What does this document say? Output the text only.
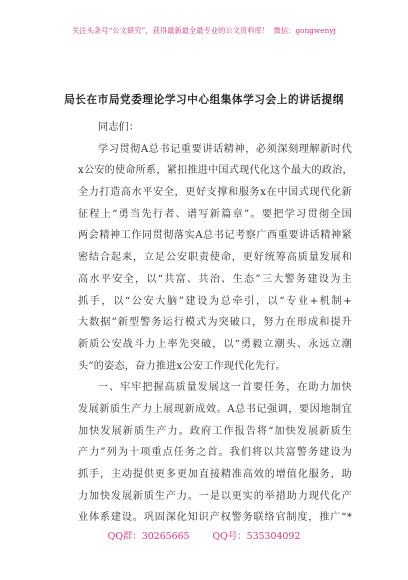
关注头条号“公文研究”，获得最新最全最专业的公文资料库！ 微信：gongwenyj
局长在市局党委理论学习中心组集体学习会上的讲话提纲
同志们：
学习贯彻A总书记重要讲话精神，必须深刻理解新时代
x公安的使命所系，紧扣推进中国式现代化这个最大的政治，
全力打造高水平安全，更好支撑和服务x在中国式现代化新
征程上“勇当先行者、谱写新篇章”。要把学习贯彻全国
两会精神工作同贯彻落实A总书记考察广西重要讲话精神紧
密结合起来，立足公安职责使命，更好统筹高质量发展和
高水平安全，以“共富、共治、生态”三大警务建设为主
抓手，以“公安大脑”建设为总牵引，以“专业+机制+
大数据”新型警务运行模式为突破口，努力在形成和提升
新质公安战斗力上率先突破，以“勇毅立潮头、永远立潮
头”的姿态，奋力推进x公安工作现代化先行。
一、牢牢把握高质量发展这一首要任务，在助力加快
发展新质生产力上展现新成效。A总书记强调，要因地制宜
加快发展新质生产力。政府工作报告将“加快发展新质生
产力”列为十项重点任务之首。我们将以共富警务建设为
抓手，主动提供更多更加直接精准高效的增值化服务，助
力加快发展新质生产力。一是以更实的举措助力现代化产
业体系建设。巩固深化知识产权警务联络官制度，推广“*
QQ群：30265665 QQ号：535304092
